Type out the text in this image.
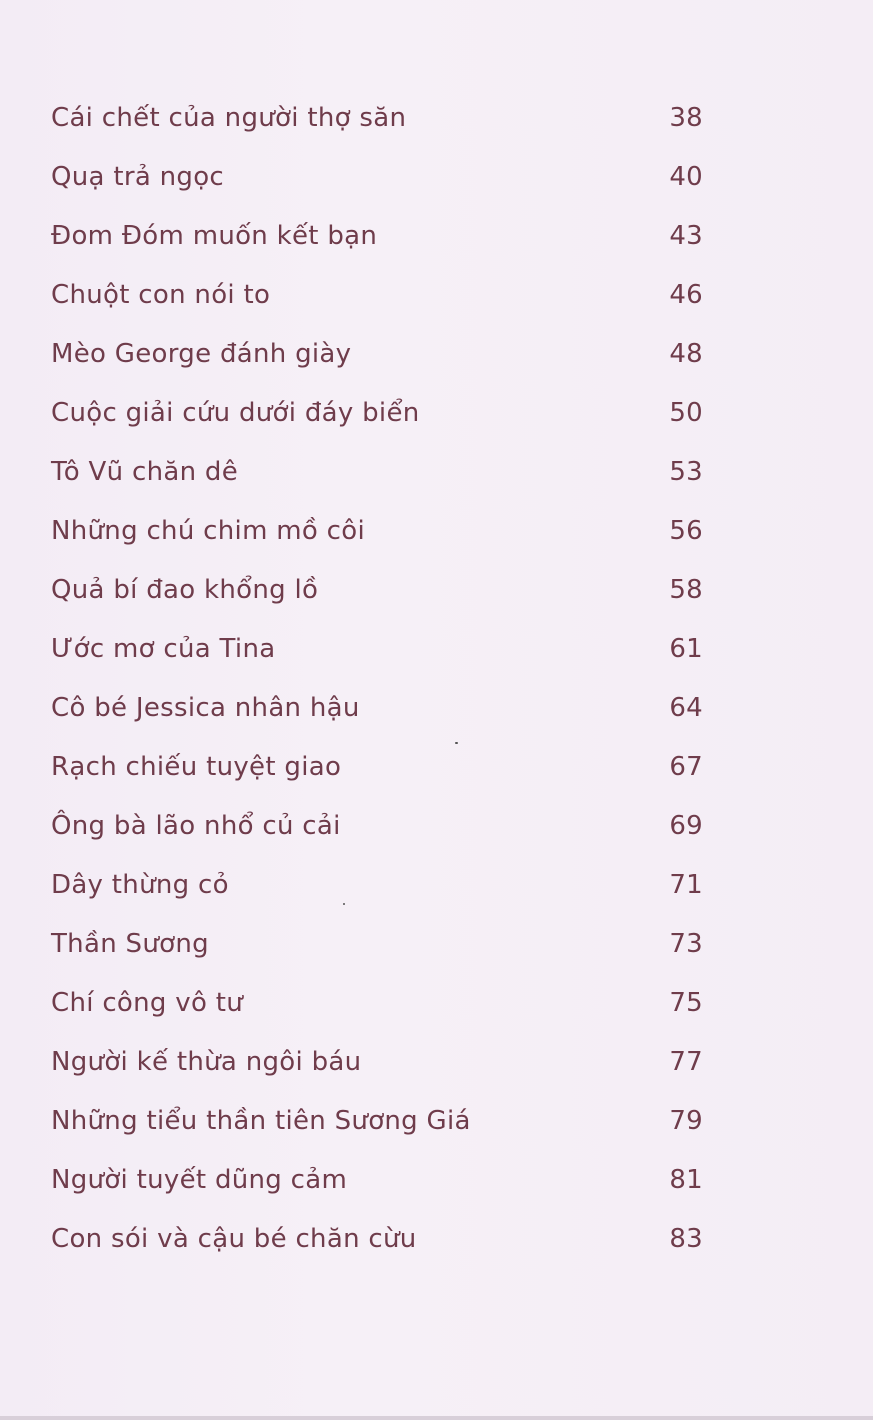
Cái chết của người thợ săn	38
Quạ trả ngọc	40
Đom Đóm muốn kết bạn	43
Chuột con nói to	46
Mèo George đánh giày	48
Cuộc giải cứu dưới đáy biển	50
Tô Vũ chăn dê	53
Những chú chim mồ côi	56
Quả bí đao khổng lồ	58
Ước mơ của Tina	61
Cô bé Jessica nhân hậu	64
Rạch chiếu tuyệt giao	67
Ông bà lão nhổ củ cải	69
Dây thừng cỏ	71
Thần Sương	73
Chí công vô tư	75
Người kế thừa ngôi báu	77
Những tiểu thần tiên Sương Giá	79
Người tuyết dũng cảm	81
Con sói và cậu bé chăn cừu	83
